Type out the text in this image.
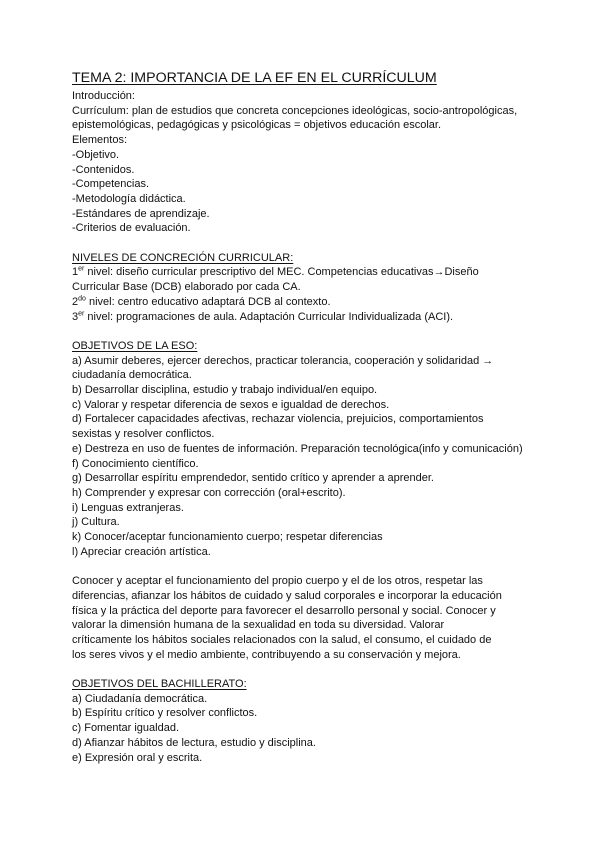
TEMA 2: IMPORTANCIA DE LA EF EN EL CURRÍCULUM

Introducción:

Currículum: plan de estudios que concreta concepciones ideológicas, socio-antropológicas,

epistemológicas, pedagógicas y psicológicas = objetivos educación escolar.

Elementos:

-Objetivo.

-Contenidos.

-Competencias.

-Metodología didáctica.

-Estándares de aprendizaje.

-Criterios de evaluación.

NIVELES DE CONCRECIÓN CURRICULAR:

1er nivel: diseño curricular prescriptivo del MEC. Competencias educativas→Diseño

Curricular Base (DCB) elaborado por cada CA.

$2^{do}$ nivel: centro educativo adaptará DCB al contexto.

3er nivel: programaciones de aula. Adaptación Curricular Individualizada (ACI).

OBJETIVOS DE LA ESO:

a) Asumir deberes, ejercer derechos, practicar tolerancia, cooperación y solidaridad →

ciudadanía democrática.

b) Desarrollar disciplina, estudio y trabajo individual/en equipo.

c) Valorar y respetar diferencia de sexos e igualdad de derechos.

d) Fortalecer capacidades afectivas, rechazar violencia, prejuicios, comportamientos

sexistas y resolver conflictos.

e) Destreza en uso de fuentes de información. Preparación tecnológica(info y comunicación)

f) Conocimiento científico.

g) Desarrollar espíritu emprendedor, sentido crítico y aprender a aprender.

h) Comprender y expresar con corrección (oral+escrito).

i) Lenguas extranjeras.

j) Cultura.

k) Conocer/aceptar funcionamiento cuerpo; respetar diferencias

l) Apreciar creación artística.

Conocer y aceptar el funcionamiento del propio cuerpo y el de los otros, respetar las

diferencias, afianzar los hábitos de cuidado y salud corporales e incorporar la educación

física y la práctica del deporte para favorecer el desarrollo personal y social. Conocer y

valorar la dimensión humana de la sexualidad en toda su diversidad. Valorar

críticamente los hábitos sociales relacionados con la salud, el consumo, el cuidado de

los seres vivos y el medio ambiente, contribuyendo a su conservación y mejora.

OBJETIVOS DEL BACHILLERATO:

a) Ciudadanía democrática.

b) Espíritu crítico y resolver conflictos.

c) Fomentar igualdad.

d) Afianzar hábitos de lectura, estudio y disciplina.

e) Expresión oral y escrita.
